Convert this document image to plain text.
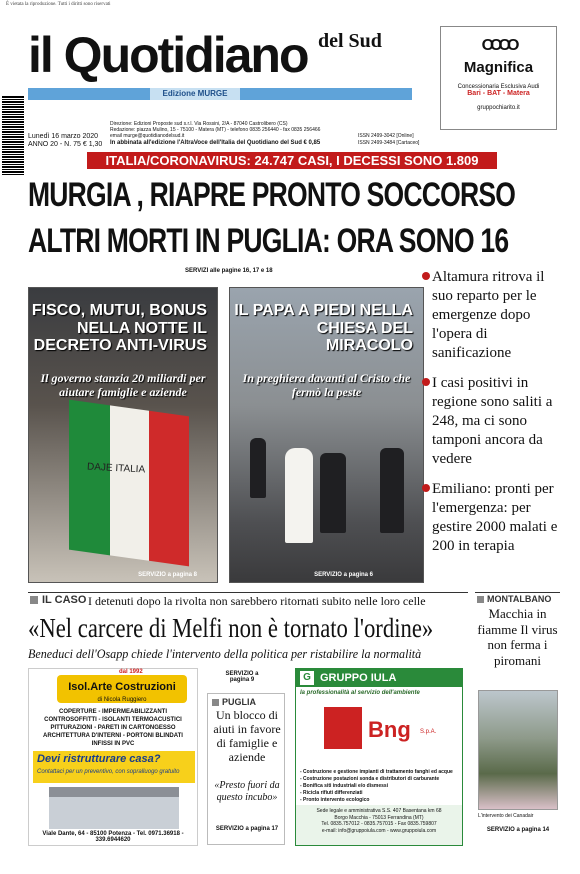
È vietata la riproduzione. Tutti i diritti sono riservati
il Quotidiano del Sud
Edizione MURGE
OOOO
Magnifica
Concessionaria Esclusiva Audi
Bari - BAT - Matera
gruppochiarito.it
Lunedì 16 marzo 2020
ANNO 20 - N. 75 € 1,30
Direzione: Edizioni Proposte sud s.r.l. Via Rossini, 2/A - 87040 Castrolibero (CS)
Redazione: piazza Mulino, 15 - 75100 - Matera (MT) - telefono 0835 256440 - fax 0835 256466
email murge@quotidianodelsud.it
In abbinata all'edizione l'AltraVoce dell'Italia del Quotidiano del Sud € 0,85
ISSN 2499-3042 [Online]
ISSN 2499-3484 [Cartaceo]
ITALIA/CORONAVIRUS: 24.747 CASI, I DECESSI SONO 1.809
MURGIA , RIAPRE PRONTO SOCCORSO
ALTRI MORTI IN PUGLIA: ORA SONO 16
SERVIZI alle pagine 16, 17 e 18
DAJE ITALIA
FISCO, MUTUI, BONUS NELLA NOTTE IL DECRETO ANTI-VIRUS
Il governo stanzia 20 miliardi per aiutare famiglie e aziende
SERVIZIO a pagina 8
IL PAPA A PIEDI NELLA CHIESA DEL MIRACOLO
In preghiera davanti al Cristo che fermò la peste
SERVIZIO a pagina 6
Altamura ritrova il suo reparto per le emergenze dopo l'opera di sanificazione
I casi positivi in regione sono saliti a 248, ma ci sono tamponi ancora da vedere
Emiliano: pronti per l'emergenza: per gestire 2000 malati e 200 in terapia
IL CASO I detenuti dopo la rivolta non sarebbero ritornati subito nelle loro celle
«Nel carcere di Melfi non è tornato l'ordine»
Beneduci dell'Osapp chiede l'intervento della politica per ristabilire la normalità
dal 1992
Isol.Arte Costruzioni
di Nicola Ruggiero
COPERTURE - IMPERMEABILIZZANTI
CONTROSOFFITTI - ISOLANTI TERMOACUSTICI
PITTURAZIONI - PARETI IN CARTONGESSO
ARCHITETTURA D'INTERNI - PORTONI BLINDATI
INFISSI IN PVC
Devi ristrutturare casa?
Contattaci per un preventivo, con sopralluogo gratuito
Viale Dante, 64 - 85100 Potenza - Tel. 0971.36918 - 339.6944620
SERVIZIO a pagina 9
PUGLIA
Un blocco di aiuti in favore di famiglie e aziende
«Presto fuori da questo incubo»
SERVIZIO a pagina 17
GRUPPO IULA
G
la professionalità al servizio dell'ambiente
Bng S.p.A.
- Costruzione e gestione impianti di trattamento fanghi ed acque
- Costruzione postazioni sonda e distributori di carburante
- Bonifica siti industriali e/o dismessi
- Ricicla rifiuti differenziati
- Pronto intervento ecologico
Sede legale e amministrativa S.S. 407 Basentana km 68
Borgo Macchia - 75013 Ferrandina (MT)
Tel. 0835.757012 - 0835.757015 - Fax 0835.759807
e-mail: info@gruppoiula.com - www.gruppoiula.com
MONTALBANO
Macchia in fiamme Il virus non ferma i piromani
L'intervento dei Canadair
SERVIZIO a pagina 14
